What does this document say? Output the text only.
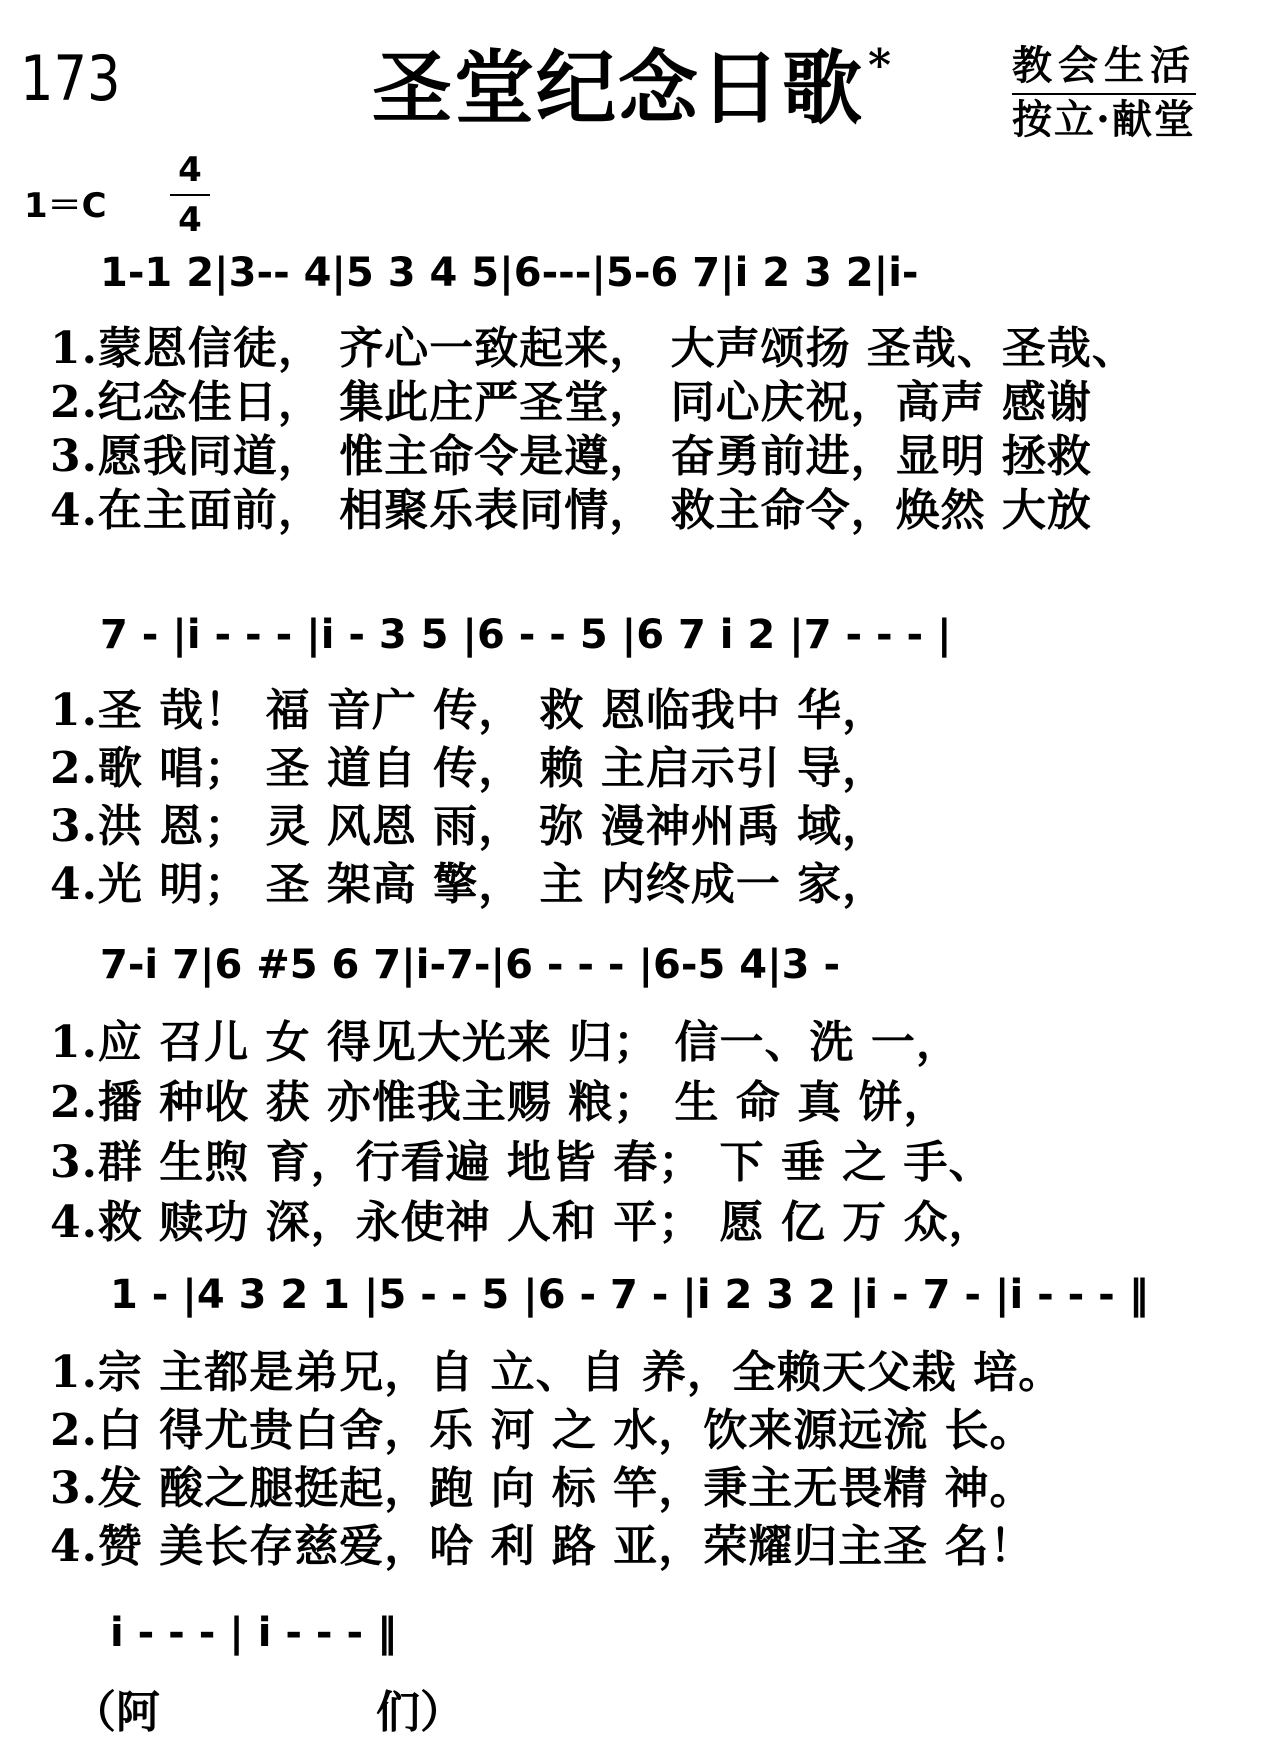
173	圣堂纪念日歌*	教会生活
按立·献堂
1＝C
4
4
1-1 2|3-- 4|5 3 4 5|6---|5-6 7|i 2 3 2|i-
1.蒙恩信徒， 齐心一致起来， 大声颂扬 圣哉、圣哉、
2.纪念佳日， 集此庄严圣堂， 同心庆祝，高声 感谢
3.愿我同道， 惟主命令是遵， 奋勇前进，显明 拯救
4.在主面前， 相聚乐表同情， 救主命令，焕然 大放
7 - |i - - - |i - 3 5 |6 - - 5 |6 7 i 2 |7 - - - |
1.圣 哉！ 福 音广 传， 救 恩临我中 华，
2.歌 唱； 圣 道自 传， 赖 主启示引 导，
3.洪 恩； 灵 风恩 雨， 弥 漫神州禹 域，
4.光 明； 圣 架高 擎， 主 内终成一 家，
7-i 7|6 #5 6 7|i-7-|6 - - - |6-5 4|3 -
1.应 召儿 女 得见大光来 归； 信一、洗 一，
2.播 种收 获 亦惟我主赐 粮； 生 命 真 饼，
3.群 生煦 育，行看遍 地皆 春； 下 垂 之 手、
4.救 赎功 深，永使神 人和 平； 愿 亿 万 众，
1 - |4 3 2 1 |5 - - 5 |6 - 7 - |i 2 3 2 |i - 7 - |i - - - ‖
1.宗 主都是弟兄，自 立、自 养，全赖天父栽 培。
2.白 得尤贵白舍，乐 河 之 水，饮来源远流 长。
3.发 酸之腿挺起，跑 向 标 竿，秉主无畏精 神。
4.赞 美长存慈爱，哈 利 路 亚，荣耀归主圣 名！
i - - - | i - - - ‖
（阿	们）
